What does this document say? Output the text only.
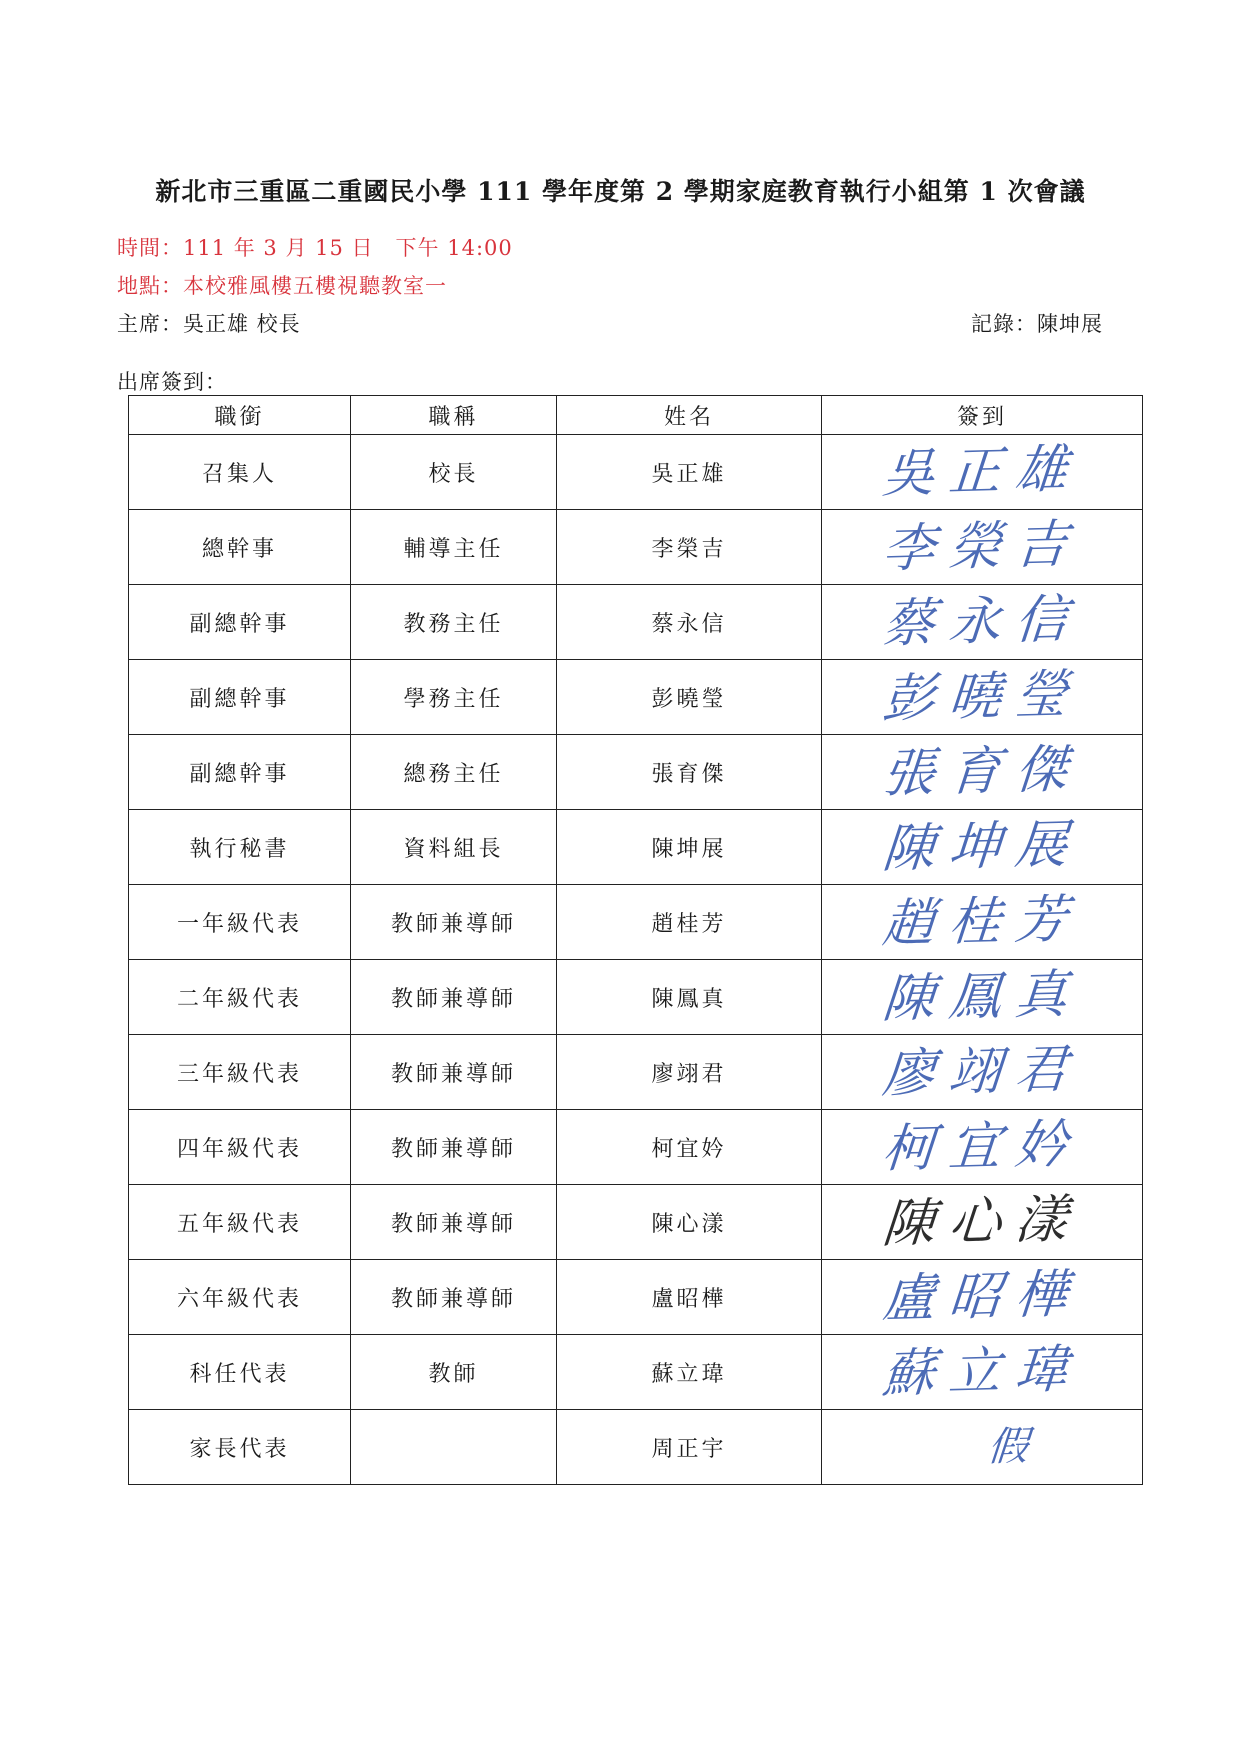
新北市三重區二重國民小學 111 學年度第 2 學期家庭教育執行小組第 1 次會議
時間：111 年 3 月 15 日　下午 14:00
地點：本校雅風樓五樓視聽教室一
主席：吳正雄 校長	記錄：陳坤展
出席簽到：
職銜	職稱	姓名	簽到
召集人	校長	吳正雄	吳正雄
總幹事	輔導主任	李榮吉	李榮吉
副總幹事	教務主任	蔡永信	蔡永信
副總幹事	學務主任	彭曉瑩	彭曉瑩
副總幹事	總務主任	張育傑	張育傑
執行秘書	資料組長	陳坤展	陳坤展
一年級代表	教師兼導師	趙桂芳	趙桂芳
二年級代表	教師兼導師	陳鳳真	陳鳳真
三年級代表	教師兼導師	廖翊君	廖翊君
四年級代表	教師兼導師	柯宜妗	柯宜妗
五年級代表	教師兼導師	陳心漾	陳心漾
六年級代表	教師兼導師	盧昭樺	盧昭樺
科任代表	教師	蘇立瑋	蘇立瑋
家長代表		周正宇	假
